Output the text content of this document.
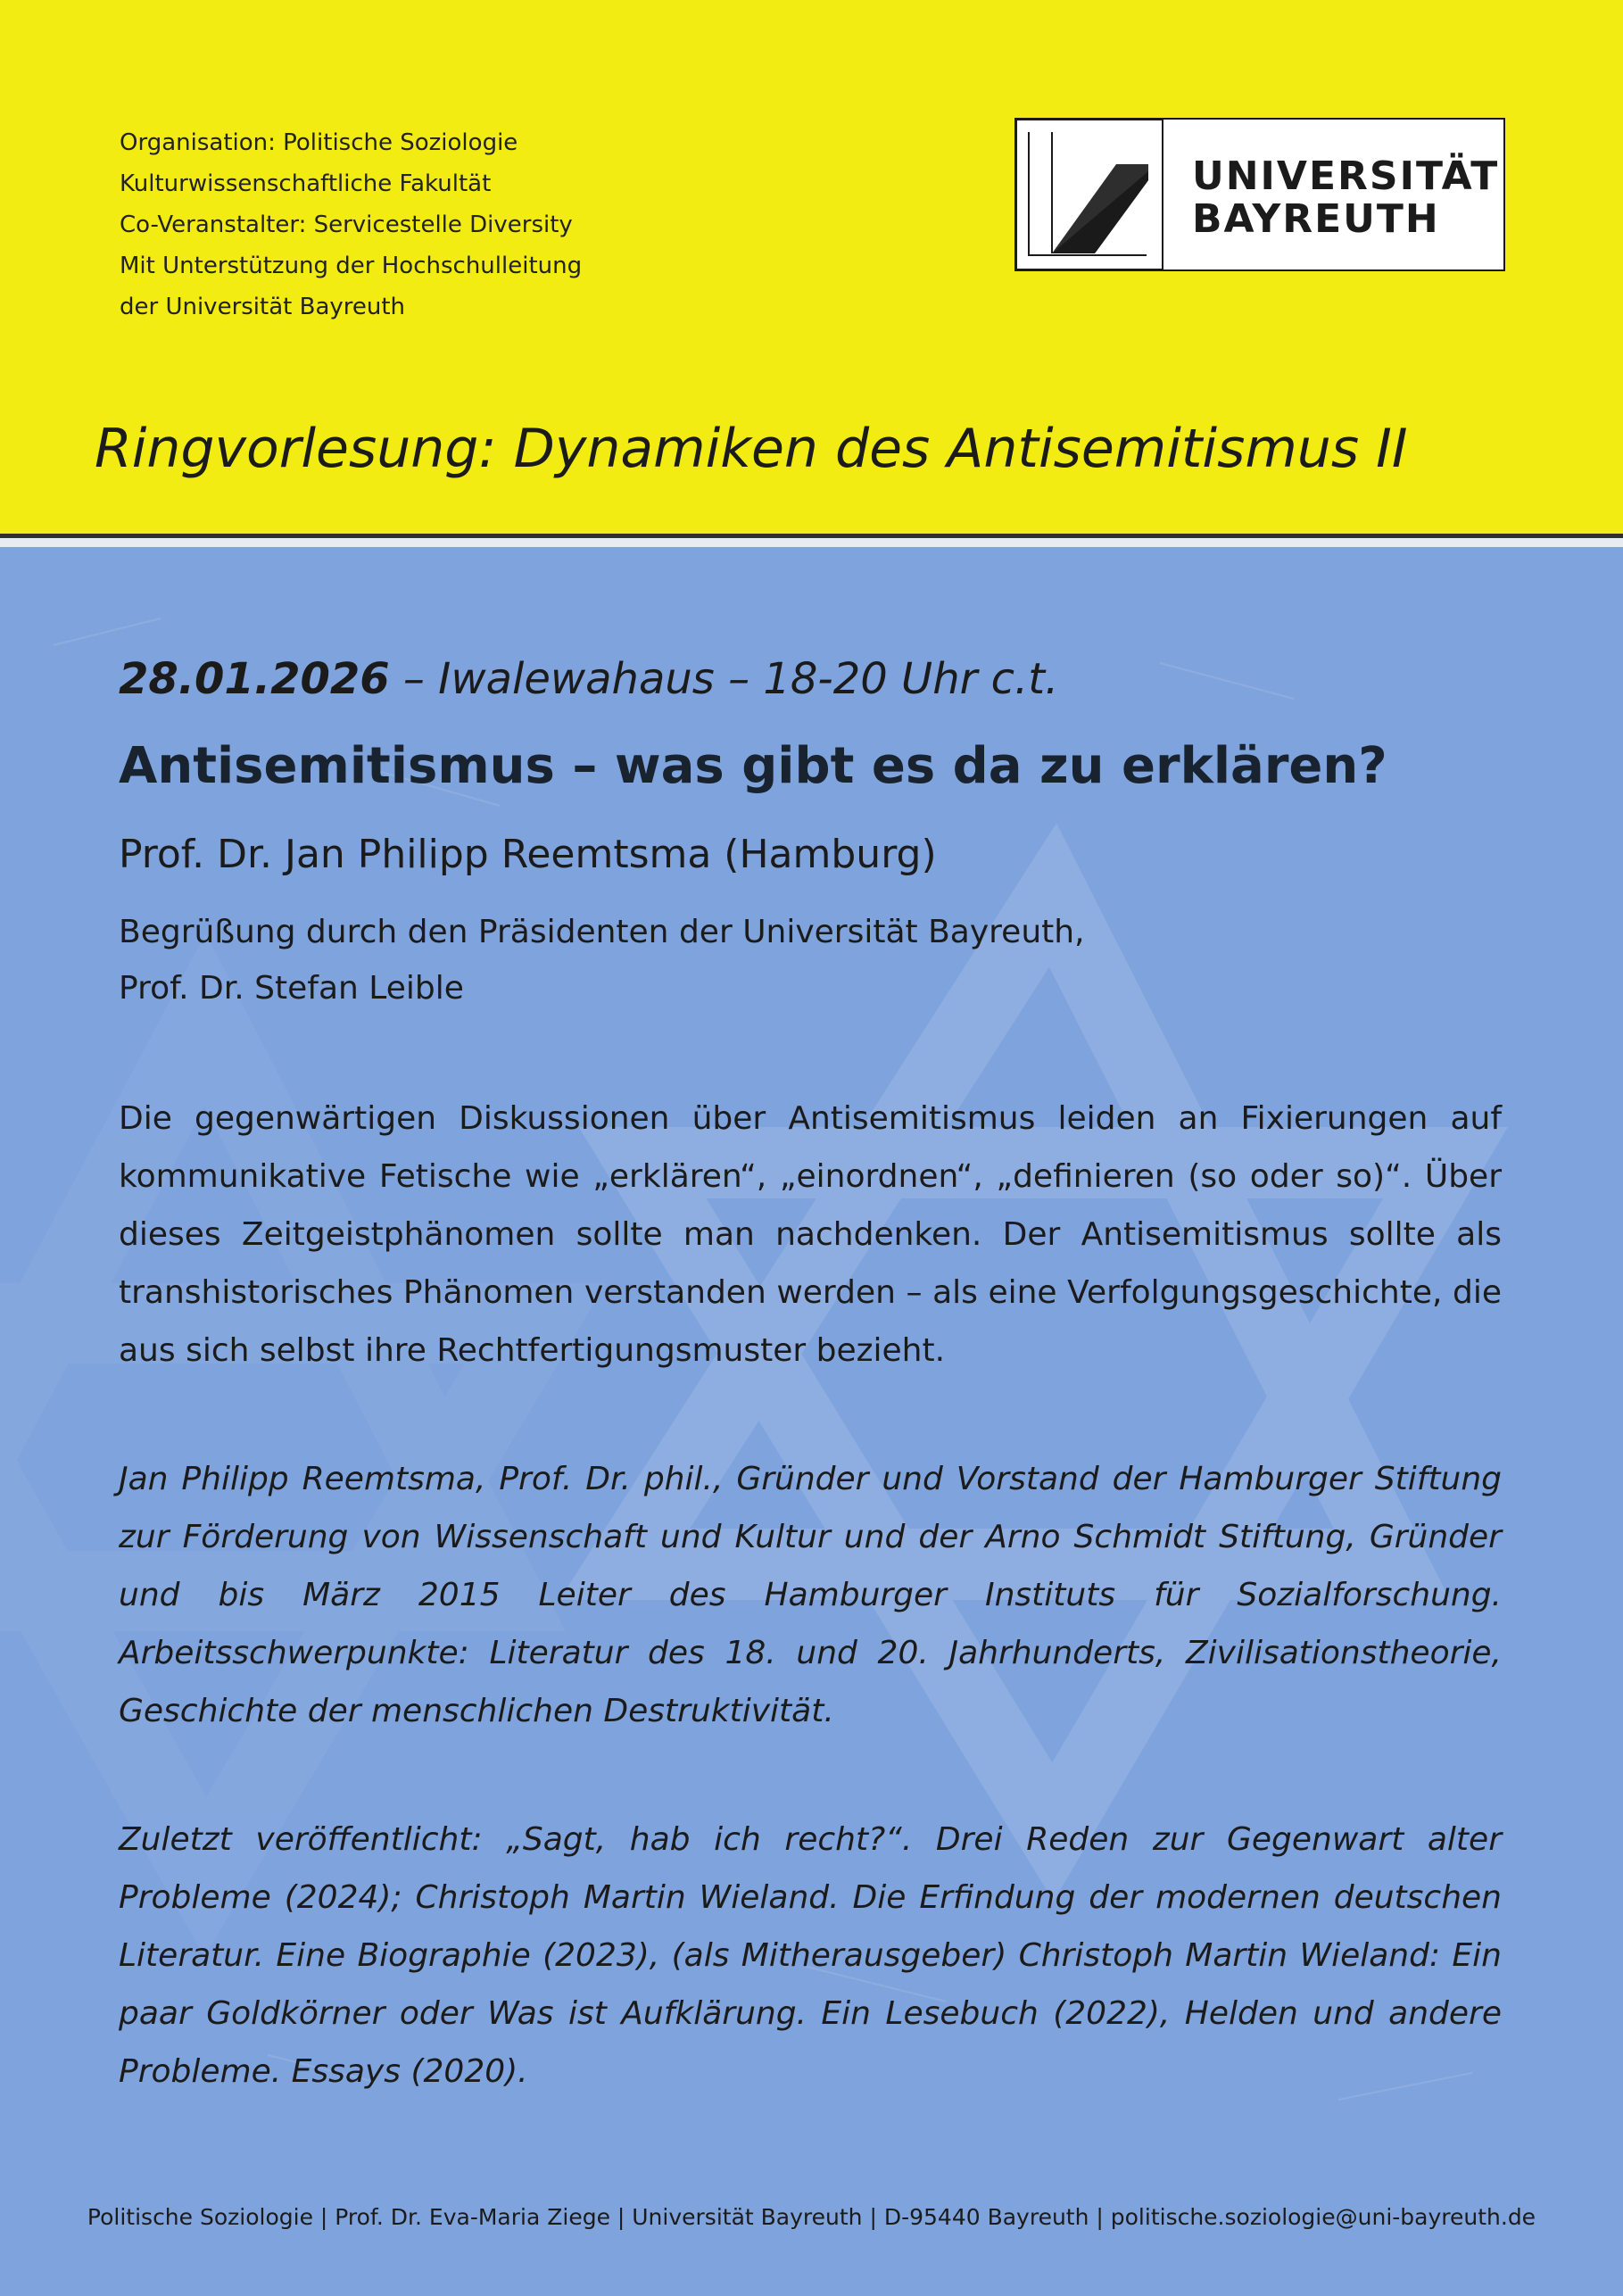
Organisation: Politische Soziologie
Kulturwissenschaftliche Fakultät
Co-Veranstalter: Servicestelle Diversity
Mit Unterstützung der Hochschulleitung
der Universität Bayreuth
UNIVERSITÄT
BAYREUTH
Ringvorlesung: Dynamiken des Antisemitismus II
28.01.2026 – Iwalewahaus – 18-20 Uhr c.t.
Antisemitismus – was gibt es da zu erklären?
Prof. Dr. Jan Philipp Reemtsma (Hamburg)
Begrüßung durch den Präsidenten der Universität Bayreuth,
Prof. Dr. Stefan Leible
Die gegenwärtigen Diskussionen über Antisemitismus leiden an Fixierungen auf kommunikative Fetische wie „erklären“, „einordnen“, „definieren (so oder so)“. Über dieses Zeitgeistphänomen sollte man nachdenken. Der Antisemitismus sollte als transhistorisches Phänomen verstanden werden – als eine Verfolgungsgeschichte, die aus sich selbst ihre Rechtfertigungsmuster bezieht.
Jan Philipp Reemtsma, Prof. Dr. phil., Gründer und Vorstand der Hamburger Stiftung zur Förderung von Wissenschaft und Kultur und der Arno Schmidt Stiftung, Gründer und bis März 2015 Leiter des Hamburger Instituts für Sozialforschung. Arbeitsschwerpunkte: Literatur des 18. und 20. Jahrhunderts, Zivilisationstheorie, Geschichte der menschlichen Destruktivität.
Zuletzt veröffentlicht: „Sagt, hab ich recht?“. Drei Reden zur Gegenwart alter Probleme (2024); Christoph Martin Wieland. Die Erfindung der modernen deutschen Literatur. Eine Biographie (2023), (als Mitherausgeber) Christoph Martin Wieland: Ein paar Goldkörner oder Was ist Aufklärung. Ein Lesebuch (2022), Helden und andere Probleme. Essays (2020).
Politische Soziologie | Prof. Dr. Eva-Maria Ziege | Universität Bayreuth | D-95440 Bayreuth | politische.soziologie@uni-bayreuth.de
